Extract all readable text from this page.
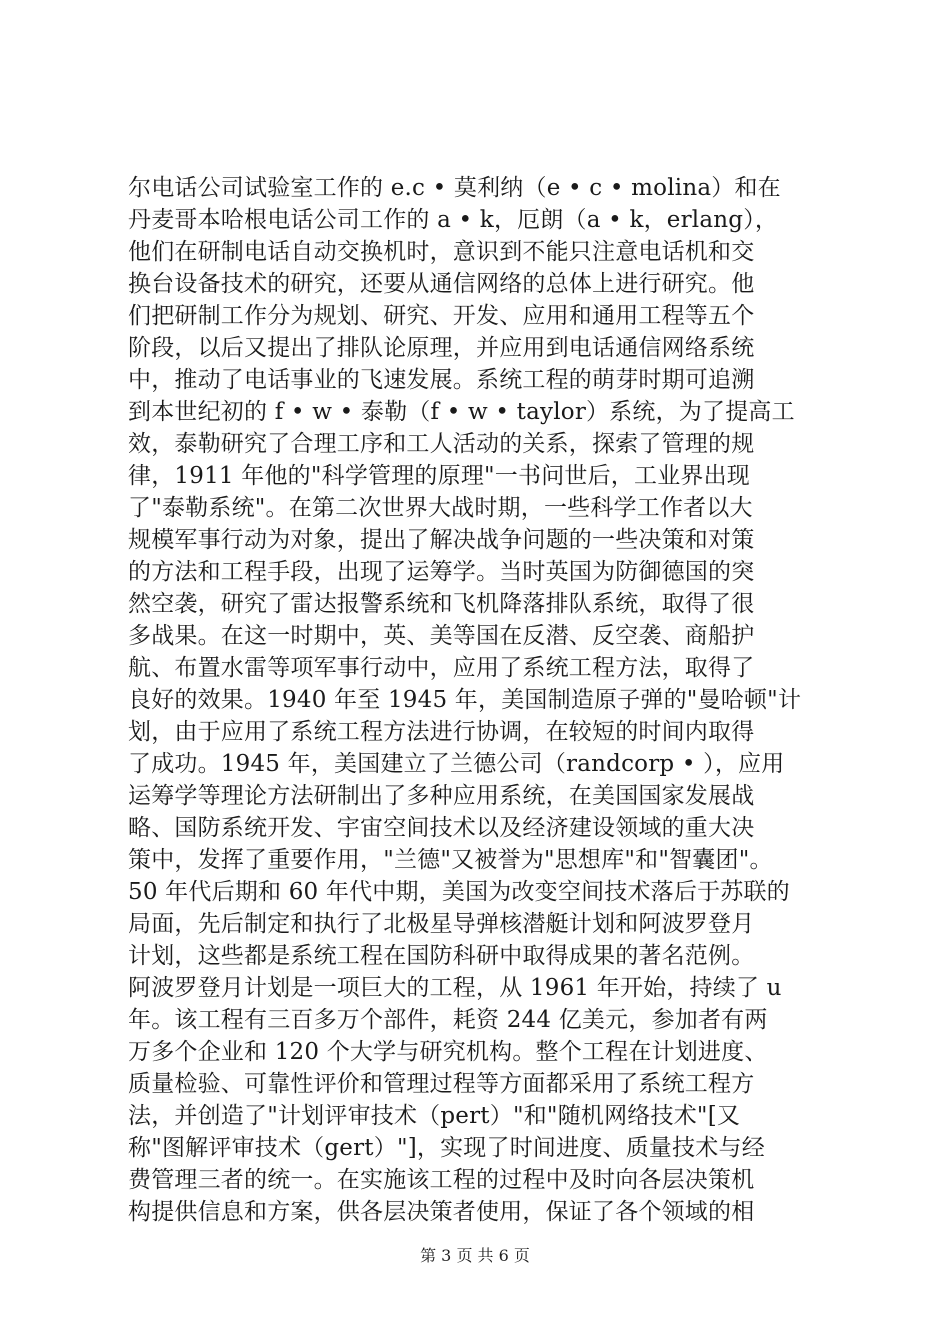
尔电话公司试验室工作的 e.c • 莫利纳（e • c • molina）和在
丹麦哥本哈根电话公司工作的 a • k，厄朗（a • k，erlang），
他们在研制电话自动交换机时，意识到不能只注意电话机和交
换台设备技术的研究，还要从通信网络的总体上进行研究。他
们把研制工作分为规划、研究、开发、应用和通用工程等五个
阶段，以后又提出了排队论原理，并应用到电话通信网络系统
中，推动了电话事业的飞速发展。系统工程的萌芽时期可追溯
到本世纪初的 f • w • 泰勒（f • w • taylor）系统，为了提高工
效，泰勒研究了合理工序和工人活动的关系，探索了管理的规
律，1911 年他的"科学管理的原理"一书问世后，工业界出现
了"泰勒系统"。在第二次世界大战时期，一些科学工作者以大
规模军事行动为对象，提出了解决战争问题的一些决策和对策
的方法和工程手段，出现了运筹学。当时英国为防御德国的突
然空袭，研究了雷达报警系统和飞机降落排队系统，取得了很
多战果。在这一时期中，英、美等国在反潜、反空袭、商船护
航、布置水雷等项军事行动中，应用了系统工程方法，取得了
良好的效果。1940 年至 1945 年，美国制造原子弹的"曼哈顿"计
划，由于应用了系统工程方法进行协调，在较短的时间内取得
了成功。1945 年，美国建立了兰德公司（randcorp • ），应用
运筹学等理论方法研制出了多种应用系统，在美国国家发展战
略、国防系统开发、宇宙空间技术以及经济建设领域的重大决
策中，发挥了重要作用，"兰德"又被誉为"思想库"和"智囊团"。
50 年代后期和 60 年代中期，美国为改变空间技术落后于苏联的
局面，先后制定和执行了北极星导弹核潜艇计划和阿波罗登月
计划，这些都是系统工程在国防科研中取得成果的著名范例。
阿波罗登月计划是一项巨大的工程，从 1961 年开始，持续了 u
年。该工程有三百多万个部件，耗资 244 亿美元，参加者有两
万多个企业和 120 个大学与研究机构。整个工程在计划进度、
质量检验、可靠性评价和管理过程等方面都采用了系统工程方
法，并创造了"计划评审技术（pert）"和"随机网络技术"[又
称"图解评审技术（gert）"]，实现了时间进度、质量技术与经
费管理三者的统一。在实施该工程的过程中及时向各层决策机
构提供信息和方案，供各层决策者使用，保证了各个领域的相
第 3 页 共 6 页
